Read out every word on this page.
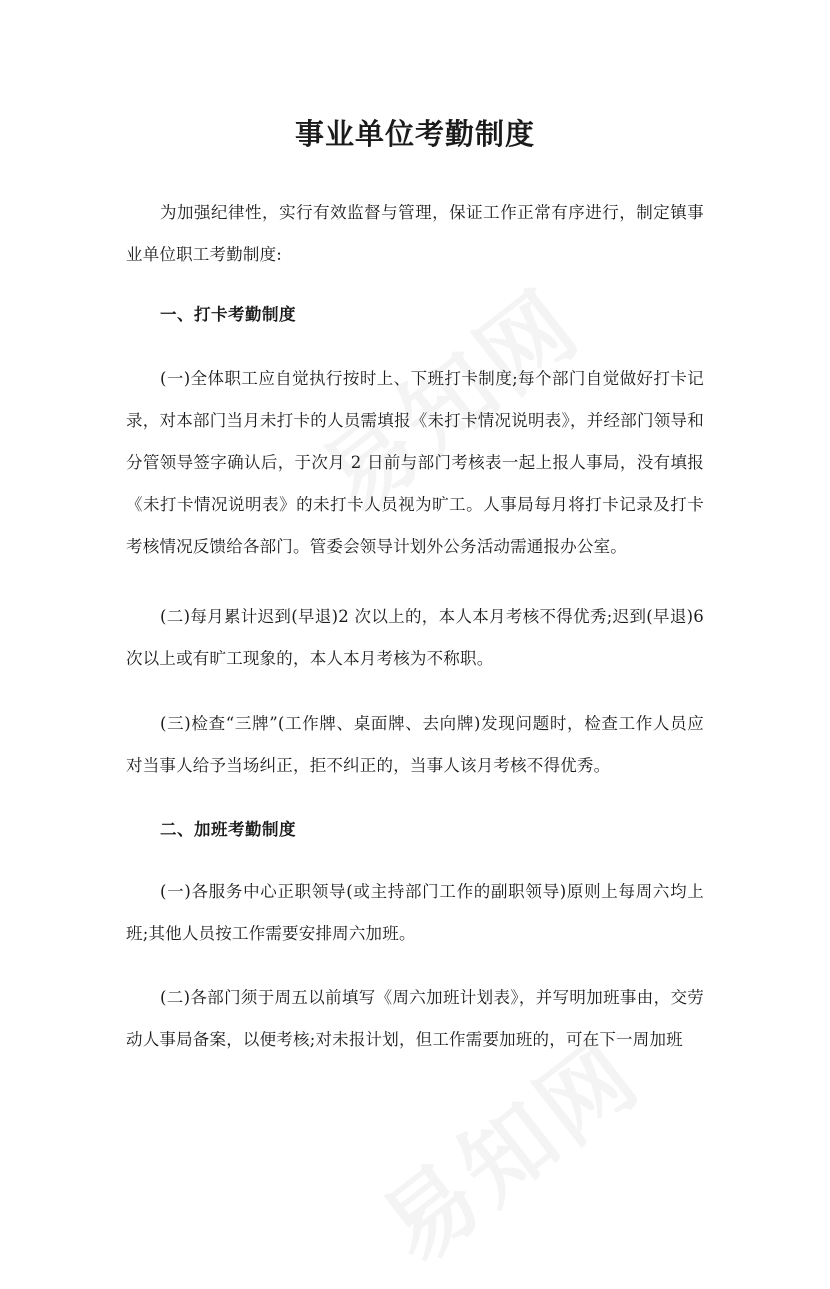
事业单位考勤制度

为加强纪律性，实行有效监督与管理，保证工作正常有序进行，制定镇事业单位职工考勤制度:

一、打卡考勤制度

(一)全体职工应自觉执行按时上、下班打卡制度;每个部门自觉做好打卡记录，对本部门当月未打卡的人员需填报《未打卡情况说明表》，并经部门领导和分管领导签字确认后，于次月 2 日前与部门考核表一起上报人事局，没有填报《未打卡情况说明表》的未打卡人员视为旷工。人事局每月将打卡记录及打卡考核情况反馈给各部门。管委会领导计划外公务活动需通报办公室。

(二)每月累计迟到(早退)2 次以上的，本人本月考核不得优秀;迟到(早退)6次以上或有旷工现象的，本人本月考核为不称职。

(三)检查“三牌”(工作牌、桌面牌、去向牌)发现问题时，检查工作人员应对当事人给予当场纠正，拒不纠正的，当事人该月考核不得优秀。

二、加班考勤制度

(一)各服务中心正职领导(或主持部门工作的副职领导)原则上每周六均上班;其他人员按工作需要安排周六加班。

(二)各部门须于周五以前填写《周六加班计划表》，并写明加班事由，交劳动人事局备案，以便考核;对未报计划，但工作需要加班的，可在下一周加班
